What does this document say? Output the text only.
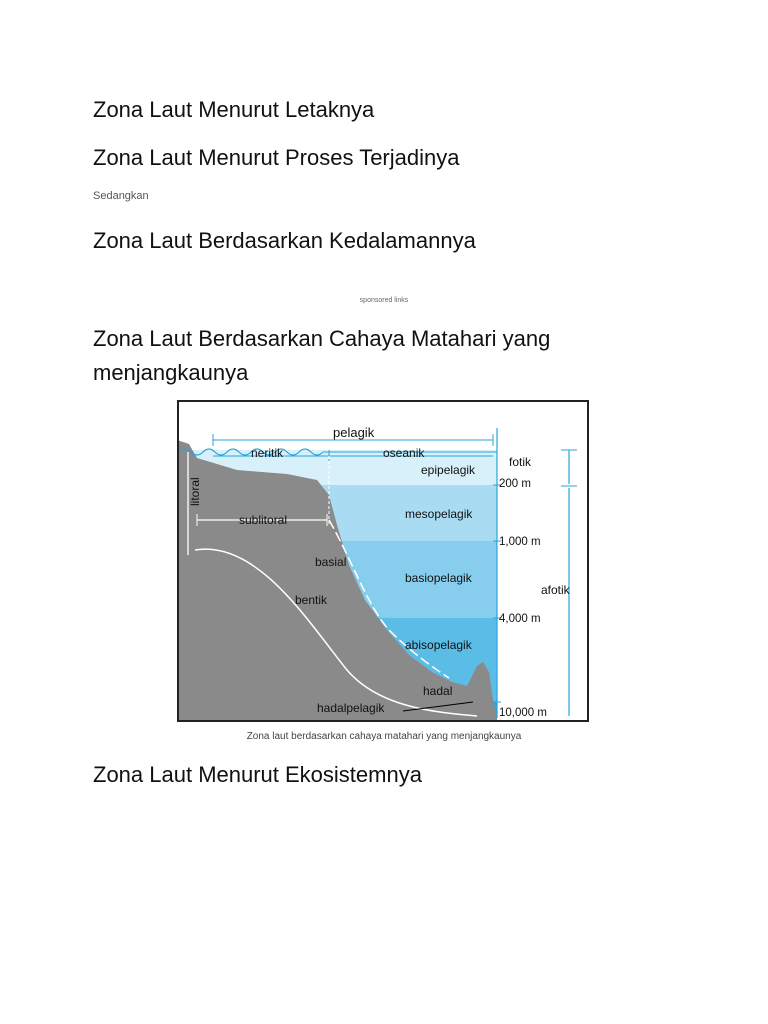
Zona Laut Menurut Letaknya
Zona Laut Menurut Proses Terjadinya

Sedangkan

Zona Laut Berdasarkan Kedalamannya
sponsored links
Zona Laut Berdasarkan Cahaya Matahari yang menjangkaunya
pelagik
neritik	oseanik
fotik
epipelagik
litoral
sublitoral	mesopelagik
basial
basiopelagik
bentik
afotik
abisopelagik
hadal
hadalpelagik
200 m
1,000 m
4,000 m
10,000 m
Zona laut berdasarkan cahaya matahari yang menjangkaunya
Zona Laut Menurut Ekosistemnya
